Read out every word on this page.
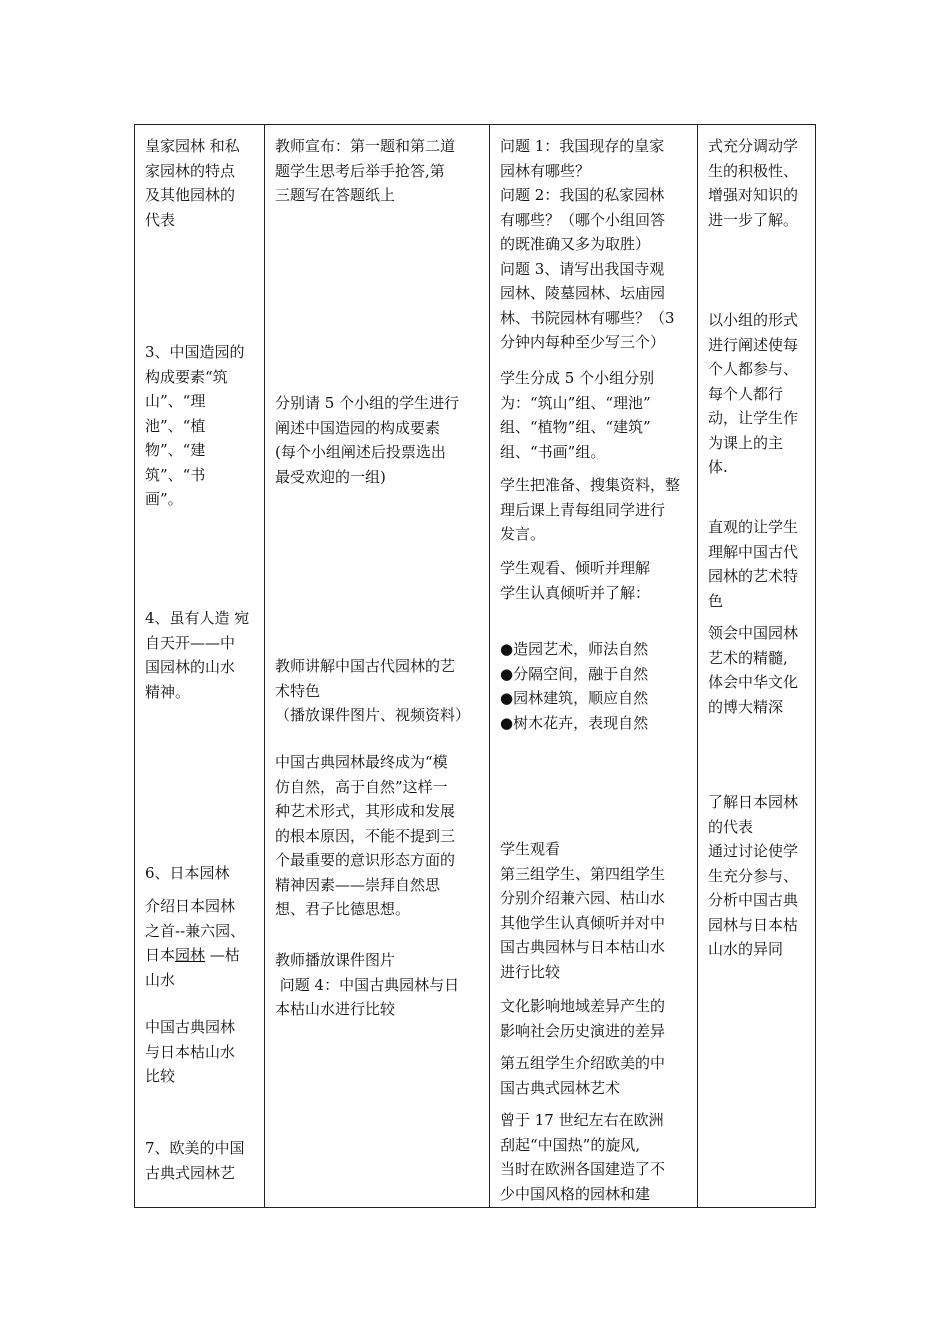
皇家园林 和私
家园林的特点
及其他园林的
代表

3、中国造园的
构成要素“筑
山”、“理
池”、“植
物”、“建
筑”、“书
画”。

4、虽有人造 宛
自天开——中
国园林的山水
精神。

6、日本园林

介绍日本园林
之首--兼六园、
日本园林 —枯
山水

中国古典园林
与日本枯山水
比较

7、欧美的中国
古典式园林艺

教师宣布：第一题和第二道
题学生思考后举手抢答,第
三题写在答题纸上

分别请 5 个小组的学生进行
阐述中国造园的构成要素
(每个小组阐述后投票选出
最受欢迎的一组)

教师讲解中国古代园林的艺
术特色
（播放课件图片、视频资料）

中国古典园林最终成为“模
仿自然，高于自然”这样一
种艺术形式，其形成和发展
的根本原因，不能不提到三
个最重要的意识形态方面的
精神因素——崇拜自然思
想、君子比德思想。

教师播放课件图片
问题 4：中国古典园林与日
本枯山水进行比较

问题 1：我国现存的皇家
园林有哪些？
问题 2：我国的私家园林
有哪些？（哪个小组回答
的既准确又多为取胜）
问题 3、请写出我国寺观
园林、陵墓园林、坛庙园
林、书院园林有哪些？（3
分钟内每种至少写三个）

学生分成 5 个小组分别
为：“筑山”组、“理池”
组、“植物”组、“建筑”
组、“书画”组。

学生把准备、搜集资料，整
理后课上青每组同学进行
发言。

学生观看、倾听并理解
学生认真倾听并了解：

●造园艺术，师法自然
●分隔空间，融于自然
●园林建筑，顺应自然
●树木花卉，表现自然

学生观看
第三组学生、第四组学生
分别介绍兼六园、枯山水
其他学生认真倾听并对中
国古典园林与日本枯山水
进行比较

文化影响地域差异产生的
影响社会历史演进的差异

第五组学生介绍欧美的中
国古典式园林艺术

曾于 17 世纪左右在欧洲
刮起“中国热”的旋风,
当时在欧洲各国建造了不
少中国风格的园林和建

式充分调动学
生的积极性、
增强对知识的
进一步了解。

以小组的形式
进行阐述使每
个人都参与、
每个人都行
动，让学生作
为课上的主
体.

直观的让学生
理解中国古代
园林的艺术特
色

领会中国园林
艺术的精髓,
体会中华文化
的博大精深

了解日本园林
的代表
通过讨论使学
生充分参与、
分析中国古典
园林与日本枯
山水的异同
